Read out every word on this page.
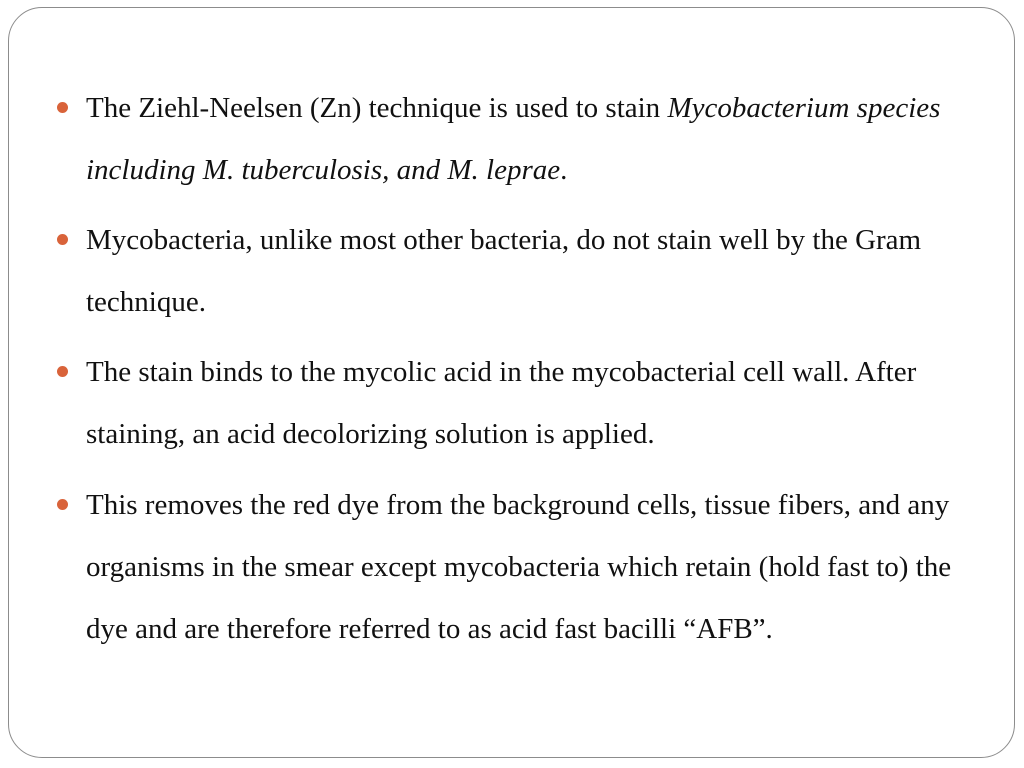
The Ziehl-Neelsen (Zn) technique is used to stain Mycobacterium species including M. tuberculosis, and M. leprae.
Mycobacteria, unlike most other bacteria, do not stain well by the Gram technique.
The stain binds to the mycolic acid in the mycobacterial cell wall. After staining, an acid decolorizing solution is applied.
This removes the red dye from the background cells, tissue fibers, and any organisms in the smear except mycobacteria which retain (hold fast to) the dye and are therefore referred to as acid fast bacilli “AFB”.
